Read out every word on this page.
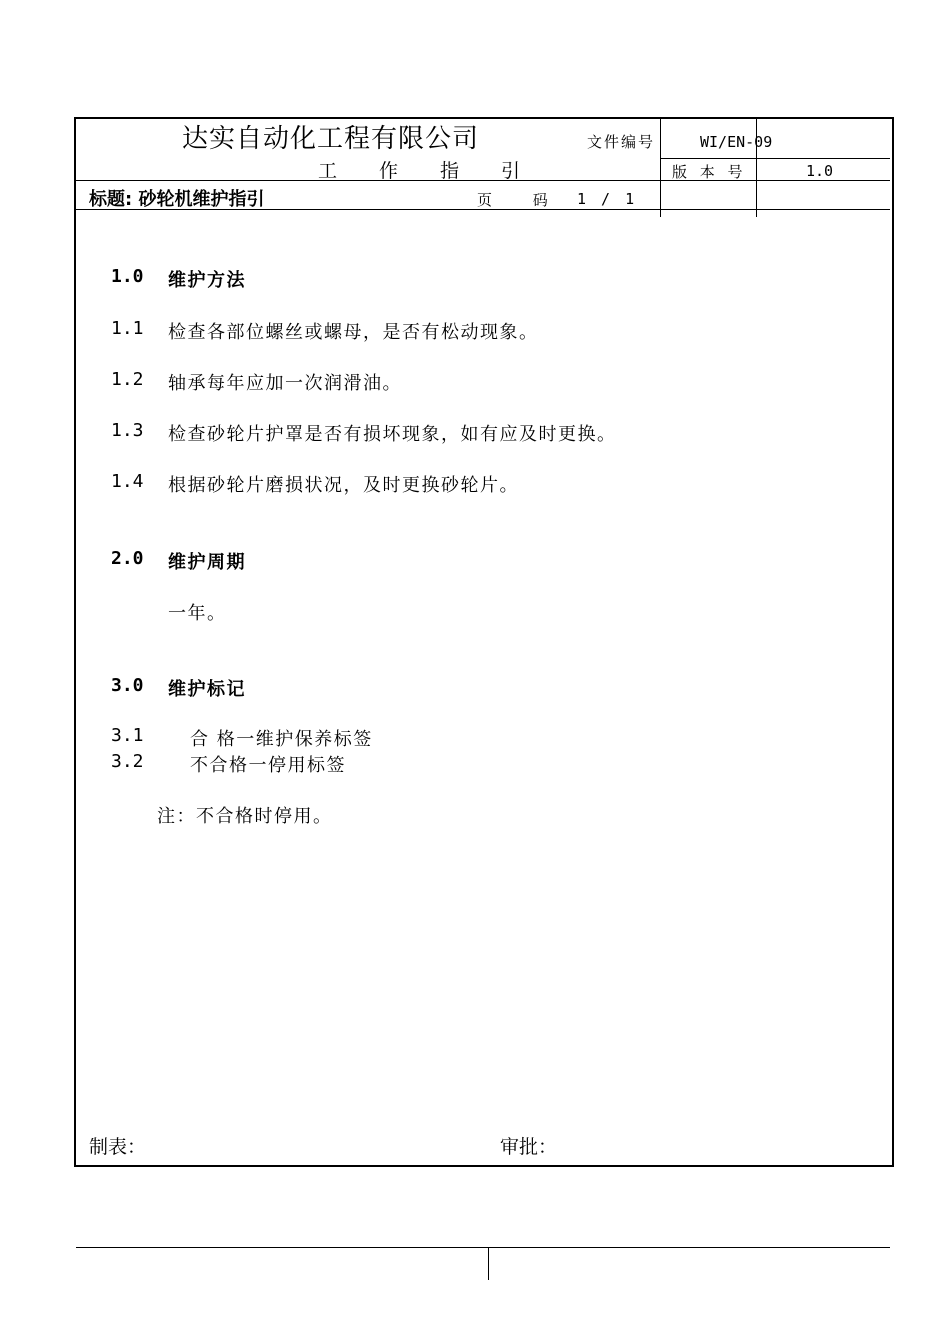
达实自动化工程有限公司
工作指引
文件编号	WI/EN-09
版 本 号	1.0
标题: 砂轮机维护指引	页 码 1 / 1
1.0 维护方法
1.1 检查各部位螺丝或螺母，是否有松动现象。
1.2 轴承每年应加一次润滑油。
1.3 检查砂轮片护罩是否有损坏现象，如有应及时更换。
1.4 根据砂轮片磨损状况，及时更换砂轮片。
2.0 维护周期
一年。
3.0 维护标记
3.1	合 格一维护保养标签
3.2	不合格一停用标签
注：不合格时停用。
制表：	审批：
